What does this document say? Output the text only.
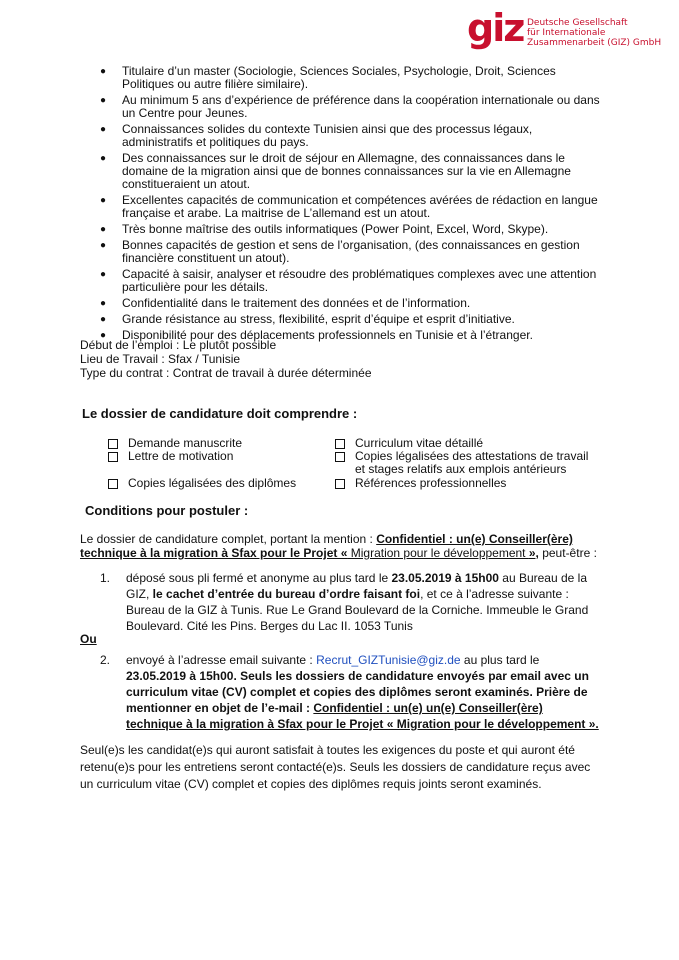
giz Deutsche Gesellschaft
für Internationale
Zusammenarbeit (GIZ) GmbH
● Titulaire d’un master (Sociologie, Sciences Sociales, Psychologie, Droit, Sciences Politiques ou autre filière similaire).
● Au minimum 5 ans d’expérience de préférence dans la coopération internationale ou dans un Centre pour Jeunes.
● Connaissances solides du contexte Tunisien ainsi que des processus légaux, administratifs et politiques du pays.
● Des connaissances sur le droit de séjour en Allemagne, des connaissances dans le domaine de la migration ainsi que de bonnes connaissances sur la vie en Allemagne constitueraient un atout.
● Excellentes capacités de communication et compétences avérées de rédaction en langue française et arabe. La maitrise de L’allemand est un atout.
● Très bonne maîtrise des outils informatiques (Power Point, Excel, Word, Skype).
● Bonnes capacités de gestion et sens de l’organisation, (des connaissances en gestion financière constituent un atout).
● Capacité à saisir, analyser et résoudre des problématiques complexes avec une attention particulière pour les détails.
● Confidentialité dans le traitement des données et de l’information.
● Grande résistance au stress, flexibilité, esprit d’équipe et esprit d’initiative.
● Disponibilité pour des déplacements professionnels en Tunisie et à l’étranger.
Début de l’emploi : Le plutôt possible
Lieu de Travail : Sfax / Tunisie
Type du contrat : Contrat de travail à durée déterminée
Le dossier de candidature doit comprendre :
Demande manuscrite
Lettre de motivation
Copies légalisées des diplômes
Curriculum vitae détaillé
Copies légalisées des attestations de travail et stages relatifs aux emplois antérieurs
Références professionnelles
Conditions pour postuler :
Le dossier de candidature complet, portant la mention : Confidentiel : un(e) Conseiller(ère) technique à la migration à Sfax pour le Projet « Migration pour le développement », peut-être :
1. déposé sous pli fermé et anonyme au plus tard le 23.05.2019 à 15h00 au Bureau de la GIZ, le cachet d’entrée du bureau d’ordre faisant foi, et ce à l’adresse suivante : Bureau de la GIZ à Tunis. Rue Le Grand Boulevard de la Corniche. Immeuble le Grand Boulevard. Cité les Pins. Berges du Lac II. 1053 Tunis
Ou
2. envoyé à l’adresse email suivante : Recrut_GIZTunisie@giz.de au plus tard le 23.05.2019 à 15h00. Seuls les dossiers de candidature envoyés par email avec un curriculum vitae (CV) complet et copies des diplômes seront examinés. Prière de mentionner en objet de l’e-mail : Confidentiel : un(e) un(e) Conseiller(ère) technique à la migration à Sfax pour le Projet « Migration pour le développement ».
Seul(e)s les candidat(e)s qui auront satisfait à toutes les exigences du poste et qui auront été retenu(e)s pour les entretiens seront contacté(e)s. Seuls les dossiers de candidature reçus avec un curriculum vitae (CV) complet et copies des diplômes requis joints seront examinés.
